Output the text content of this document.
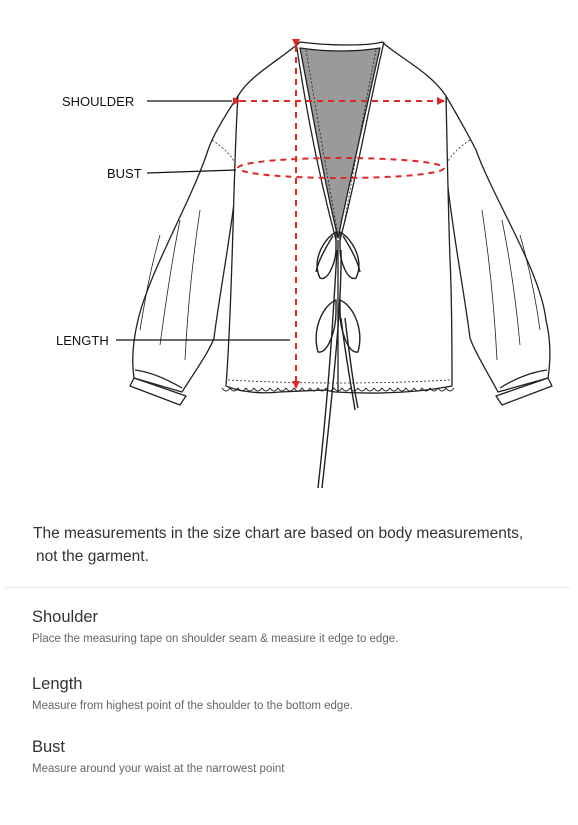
SHOULDER
BUST
LENGTH
The measurements in the size chart are based on body measurements,
not the garment.
Shoulder
Place the measuring tape on shoulder seam & measure it edge to edge.
Length
Measure from highest point of the shoulder to the bottom edge.
Bust
Measure around your waist at the narrowest point
